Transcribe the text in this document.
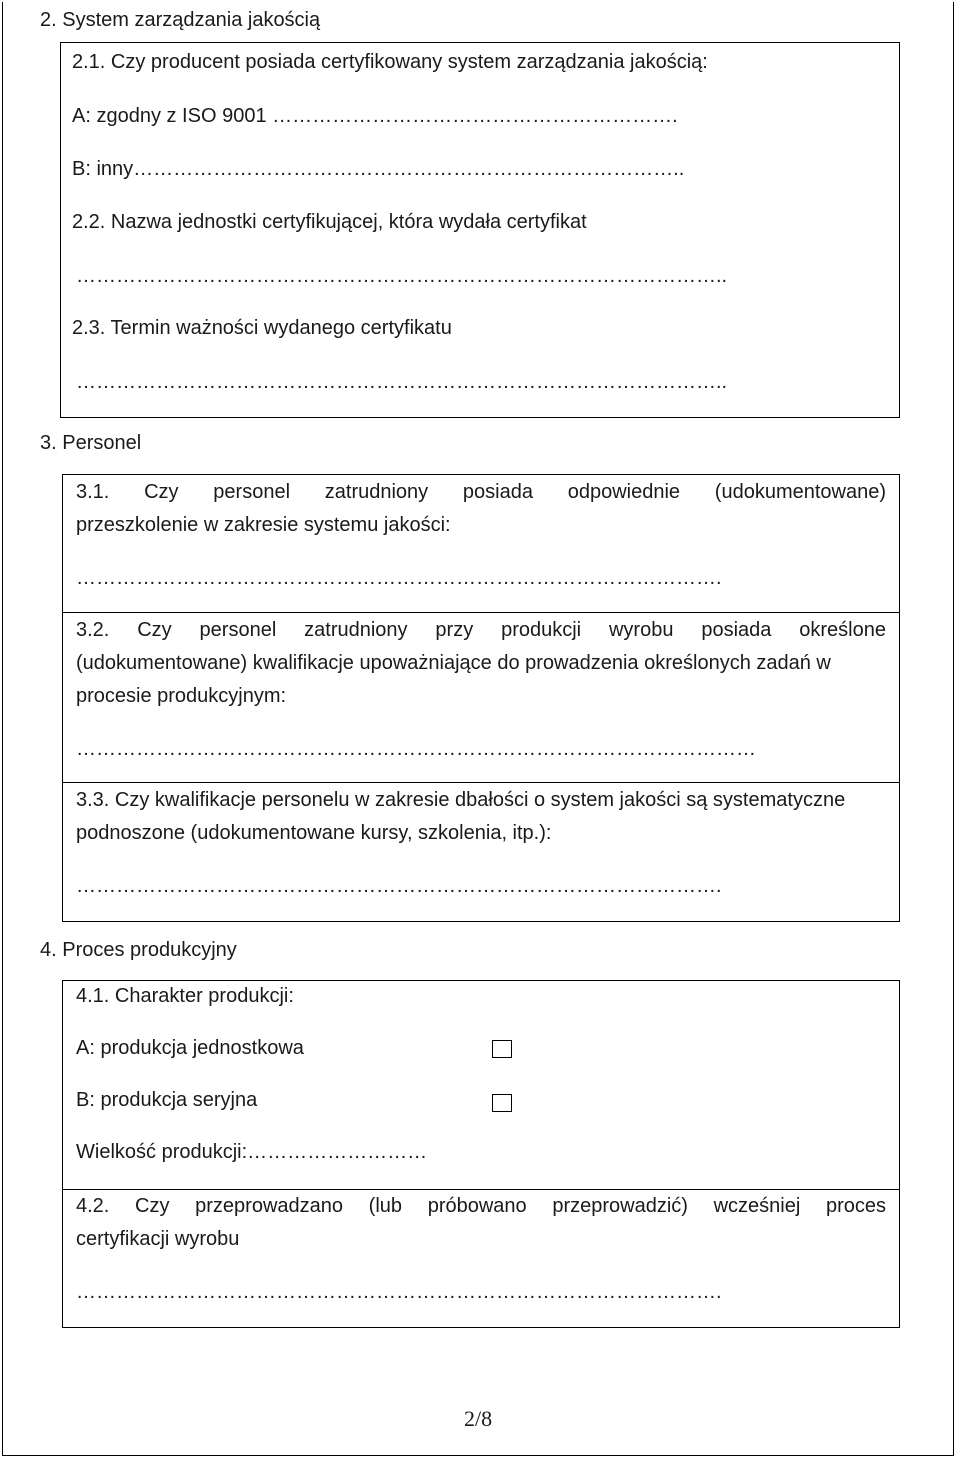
2. System zarządzania jakością
2.1. Czy producent posiada certyfikowany system zarządzania jakością:
A: zgodny z ISO 9001 …………………………………………………….
B: inny………………………………………………………………………..
2.2. Nazwa jednostki certyfikującej, która wydała certyfikat
……………………………………………………………………………………..
2.3. Termin ważności wydanego certyfikatu
……………………………………………………………………………………..
3. Personel
3.1. Czy personel zatrudniony posiada odpowiednie (udokumentowane)
przeszkolenie w zakresie systemu jakości:
…………………………………………………………………………………….
3.2. Czy personel zatrudniony przy produkcji wyrobu posiada określone
(udokumentowane) kwalifikacje upoważniające do prowadzenia określonych zadań w
procesie produkcyjnym:
…………………………………………………………………………………………
3.3. Czy kwalifikacje personelu w zakresie dbałości o system jakości są systematyczne
podnoszone (udokumentowane kursy, szkolenia, itp.):
…………………………………………………………………………………….
4. Proces produkcyjny
4.1. Charakter produkcji:
A: produkcja jednostkowa
B: produkcja seryjna
Wielkość produkcji:………………………
4.2. Czy przeprowadzano (lub próbowano przeprowadzić) wcześniej proces
certyfikacji wyrobu
…………………………………………………………………………………….
2/8
